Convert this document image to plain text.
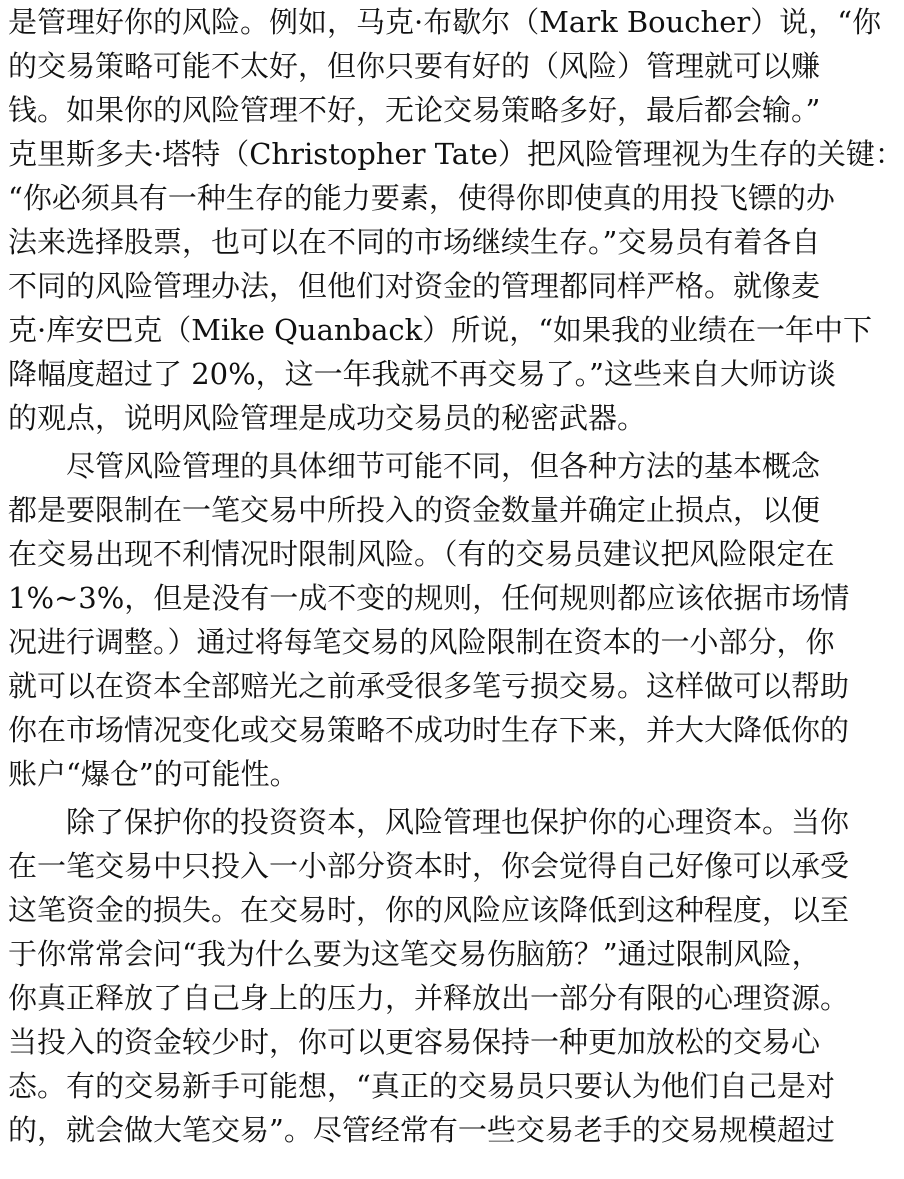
是管理好你的风险。例如，马克·布歇尔（Mark Boucher）说，“你
的交易策略可能不太好，但你只要有好的（风险）管理就可以赚
钱。如果你的风险管理不好，无论交易策略多好，最后都会输。”
克里斯多夫·塔特（Christopher Tate）把风险管理视为生存的关键：
“你必须具有一种生存的能力要素，使得你即使真的用投飞镖的办
法来选择股票，也可以在不同的市场继续生存。”交易员有着各自
不同的风险管理办法，但他们对资金的管理都同样严格。就像麦
克·库安巴克（Mike Quanback）所说，“如果我的业绩在一年中下
降幅度超过了 20%，这一年我就不再交易了。”这些来自大师访谈
的观点，说明风险管理是成功交易员的秘密武器。
尽管风险管理的具体细节可能不同，但各种方法的基本概念
都是要限制在一笔交易中所投入的资金数量并确定止损点，以便
在交易出现不利情况时限制风险。（有的交易员建议把风险限定在
1%~3%，但是没有一成不变的规则，任何规则都应该依据市场情
况进行调整。）通过将每笔交易的风险限制在资本的一小部分，你
就可以在资本全部赔光之前承受很多笔亏损交易。这样做可以帮助
你在市场情况变化或交易策略不成功时生存下来，并大大降低你的
账户“爆仓”的可能性。
除了保护你的投资资本，风险管理也保护你的心理资本。当你
在一笔交易中只投入一小部分资本时，你会觉得自己好像可以承受
这笔资金的损失。在交易时，你的风险应该降低到这种程度，以至
于你常常会问“我为什么要为这笔交易伤脑筋？”通过限制风险，
你真正释放了自己身上的压力，并释放出一部分有限的心理资源。
当投入的资金较少时，你可以更容易保持一种更加放松的交易心
态。有的交易新手可能想，“真正的交易员只要认为他们自己是对
的，就会做大笔交易”。尽管经常有一些交易老手的交易规模超过
